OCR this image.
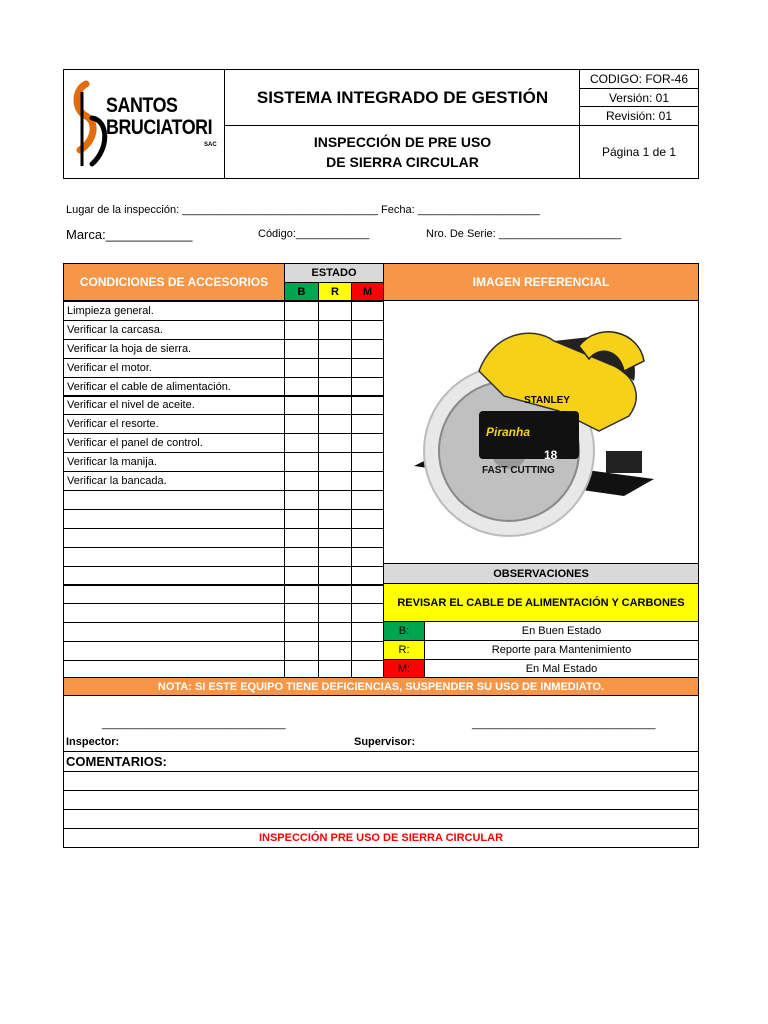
SANTOS
BRUCIATORI
SAC
SISTEMA INTEGRADO DE GESTIÓN
INSPECCIÓN DE PRE USO
DE SIERRA CIRCULAR
CODIGO: FOR-46
Versión: 01
Revisión: 01
Página 1 de 1
Lugar de la inspección: ________________________________ Fecha: ____________________
Marca:____________	Código:____________	Nro. De Serie: ____________________
CONDICIONES DE ACCESORIOS
ESTADO
B	R	M
IMAGEN REFERENCIAL
Limpieza general.
Verificar la carcasa.
Verificar la hoja de sierra.
Verificar el motor.
Verificar el cable de alimentación.
Verificar el nivel de aceite.
Verificar el resorte.
Verificar el panel de control.
Verificar la manija.
Verificar la bancada.
STANLEY
Piranha
FAST CUTTING
18
OBSERVACIONES
REVISAR EL CABLE DE ALIMENTACIÓN Y CARBONES
B:	En Buen Estado
R:	Reporte para Mantenimiento
M:	En Mal Estado
NOTA: SI ESTE EQUIPO TIENE DEFICIENCIAS, SUSPENDER SU USO DE INMEDIATO.
______________________________	______________________________
Inspector:	Supervisor:
COMENTARIOS:
INSPECCIÓN PRE USO DE SIERRA CIRCULAR
